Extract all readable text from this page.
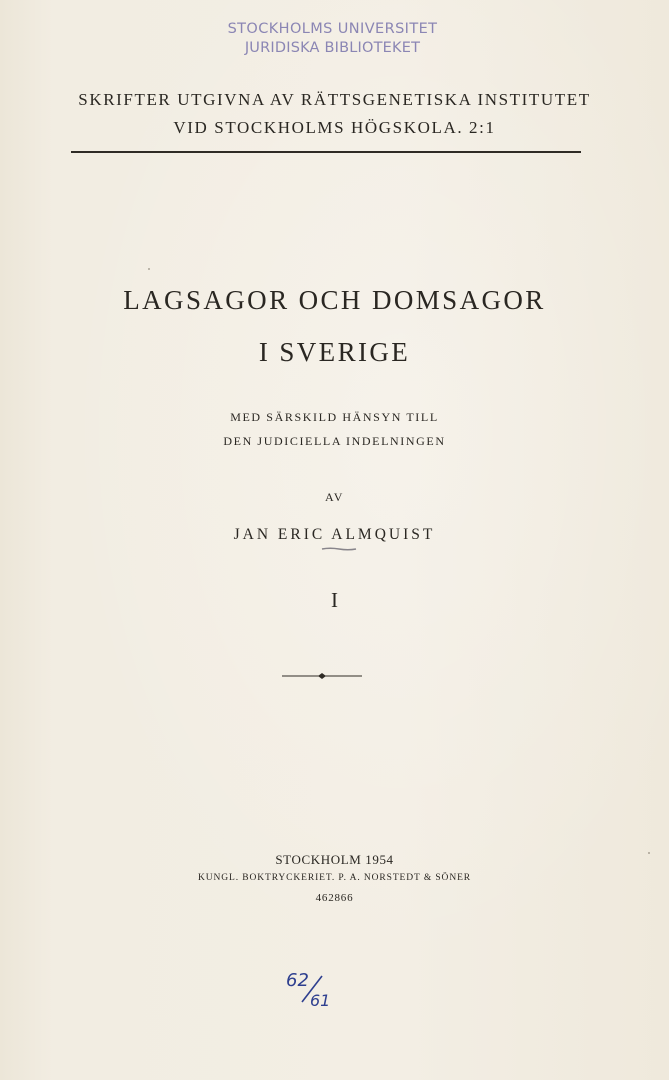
STOCKHOLMS UNIVERSITET
JURIDISKA BIBLIOTEKET
SKRIFTER UTGIVNA AV RÄTTSGENETISKA INSTITUTET
VID STOCKHOLMS HÖGSKOLA. 2:1
LAGSAGOR OCH DOMSAGOR
I SVERIGE
MED SÄRSKILD HÄNSYN TILL
DEN JUDICIELLA INDELNINGEN
AV
JAN ERIC ALMQUIST
I
STOCKHOLM 1954
KUNGL. BOKTRYCKERIET. P. A. NORSTEDT & SÖNER
462866
62
61
